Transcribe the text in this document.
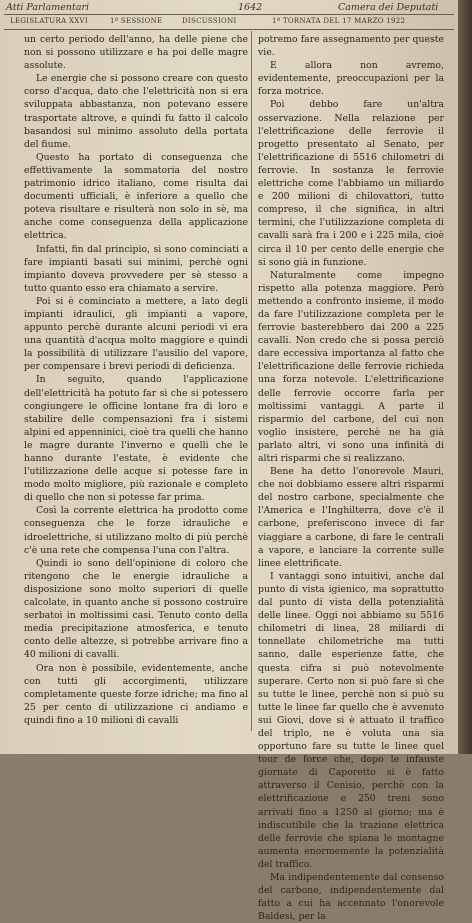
Atti Parlamentari	1642	Camera dei Deputati
LEGISLATURA XXVI	1ª SESSIONE	DISCUSSIONI	1ª TORNATA DEL 17 MARZO 1922

un certo periodo dell'anno, ha delle piene che non si possono utilizzare e ha poi delle magre assolute.

Le energie che si possono creare con questo corso d'acqua, dato che l'elettricità non si era sviluppata abbastanza, non potevano essere trasportate altrove, e quindi fu fatto il calcolo basandosi sul minimo assoluto della portata del fiume.

Questo ha portato di conseguenza che effettivamente la sommatoria del nostro patrimonio idrico italiano, come risulta dai documenti ufficiali, è inferiore a quello che poteva risultare e risulterà non solo in sè, ma anche come conseguenza della applicazione elettrica.

Infatti, fin dal principio, si sono cominciati a fare impianti basati sui minimi, perchè ogni impianto doveva provvedere per sè stesso a tutto quanto esso era chiamato a servire.

Poi si è cominciato a mettere, a lato degli impianti idraulici, gli impianti a vapore, appunto perchè durante alcuni periodi vi era una quantità d'acqua molto maggiore e quindi la possibilità di utilizzare l'ausilio del vapore, per compensare i brevi periodi di deficienza.

In seguito, quando l'applicazione dell'elettricità ha potuto far sì che si potessero congiungere le officine lontane fra di loro e stabilire delle compensazioni fra i sistemi alpini ed appenninici, cioè tra quelli che hanno le magre durante l'inverno e quelli che le hanno durante l'estate, è evidente che l'utilizzazione delle acque si potesse fare in modo molto migliore, più razionale e completo di quello che non si potesse far prima.

Così la corrente elettrica ha prodotto come conseguenza che le forze idrauliche e idroelettriche, si utilizzano molto di più perchè c'è una rete che compensa l'una con l'altra.

Quindi io sono dell'opinione di coloro che ritengono che le energie idrauliche a disposizione sono molto superiori di quelle calcolate, in quanto anche si possono costruire serbatoi in moltissimi casi. Tenuto conto della media precipitazione atmosferica, e tenuto conto delle altezze, si potrebbe arrivare fino a 40 milioni di cavalli.

Ora non è possibile, evidentemente, anche con tutti gli accorgimenti, utilizzare completamente queste forze idriche; ma fino al 25 per cento di utilizzazione ci andiamo e quindi fino a 10 milioni di cavalli

potremo fare assegnamento per queste vie.

E allora non avremo, evidentemente, preoccupazioni per la forza motrice.

Poi debbo fare un'altra osservazione. Nella relazione per l'elettrificazione delle ferrovie il progetto presentato al Senato, per l'elettrificazione di 5516 chilometri di ferrovie. In sostanza le ferrovie elettriche come l'abbiamo un miliardo e 200 milioni di chilovattori, tutto compreso, il che significa, in altri termini, che l'utilizzazione completa di cavalli sarà fra i 200 e i 225 mila, cioè circa il 10 per cento delle energie che si sono già in funzione.

Naturalmente come impegno rispetto alla potenza maggiore. Però mettendo a confronto insieme, il modo da fare l'utilizzazione completa per le ferrovie basterebbero dai 200 a 225 cavalli. Non credo che si possa perciò dare eccessiva importanza al fatto che l'elettrificazione delle ferrovie richieda una forza notevole. L'elettrificazione delle ferrovie occorre farla per moltissimi vantaggi. A parte il risparmio del carbone, del cui non voglio insistere, perchè ne ha già parlato altri, vi sono una infinità di altri risparmi che si realizzano.

Bene ha detto l'onorevole Mauri, che noi dobbiamo essere altri risparmi del nostro carbone, specialmente che l'America e l'Inghilterra, dove c'è il carbone, preferiscono invece di far viaggiare a carbone, di fare le centrali a vapore, e lanciare la corrente sulle linee elettrificate.

I vantaggi sono intuitivi, anche dal punto di vista igienico, ma soprattutto dal punto di vista della potenzialità delle linee. Oggi noi abbiamo su 5516 chilometri di linea, 28 miliardi di tonnellate chilometriche ma tutti sanno, dalle esperienze fatte, che questa cifra si può notevolmente superare. Certo non si può fare sì che su tutte le linee, perchè non si può su tutte le linee far quello che è avvenuto sui Giovi, dove si è attuato il traffico del triplo, ne è voluta una sia opportuno fare su tutte le linee quel tour de force che, dopo le infauste giornate di Caporetto si è fatto attraverso il Cenisio, perchè con la elettrificazione e 250 treni sono arrivati fino a 1250 al giorno; ma è indiscutibile che la trazione elettrica delle ferrovie che spiana le montagne aumenta enormemente la potenzialità del traffico.

Ma indipendentemente dal consenso del carbone, indipendentemente dal fatto a cui ha accennato l'onorevole Baldesi, per la
